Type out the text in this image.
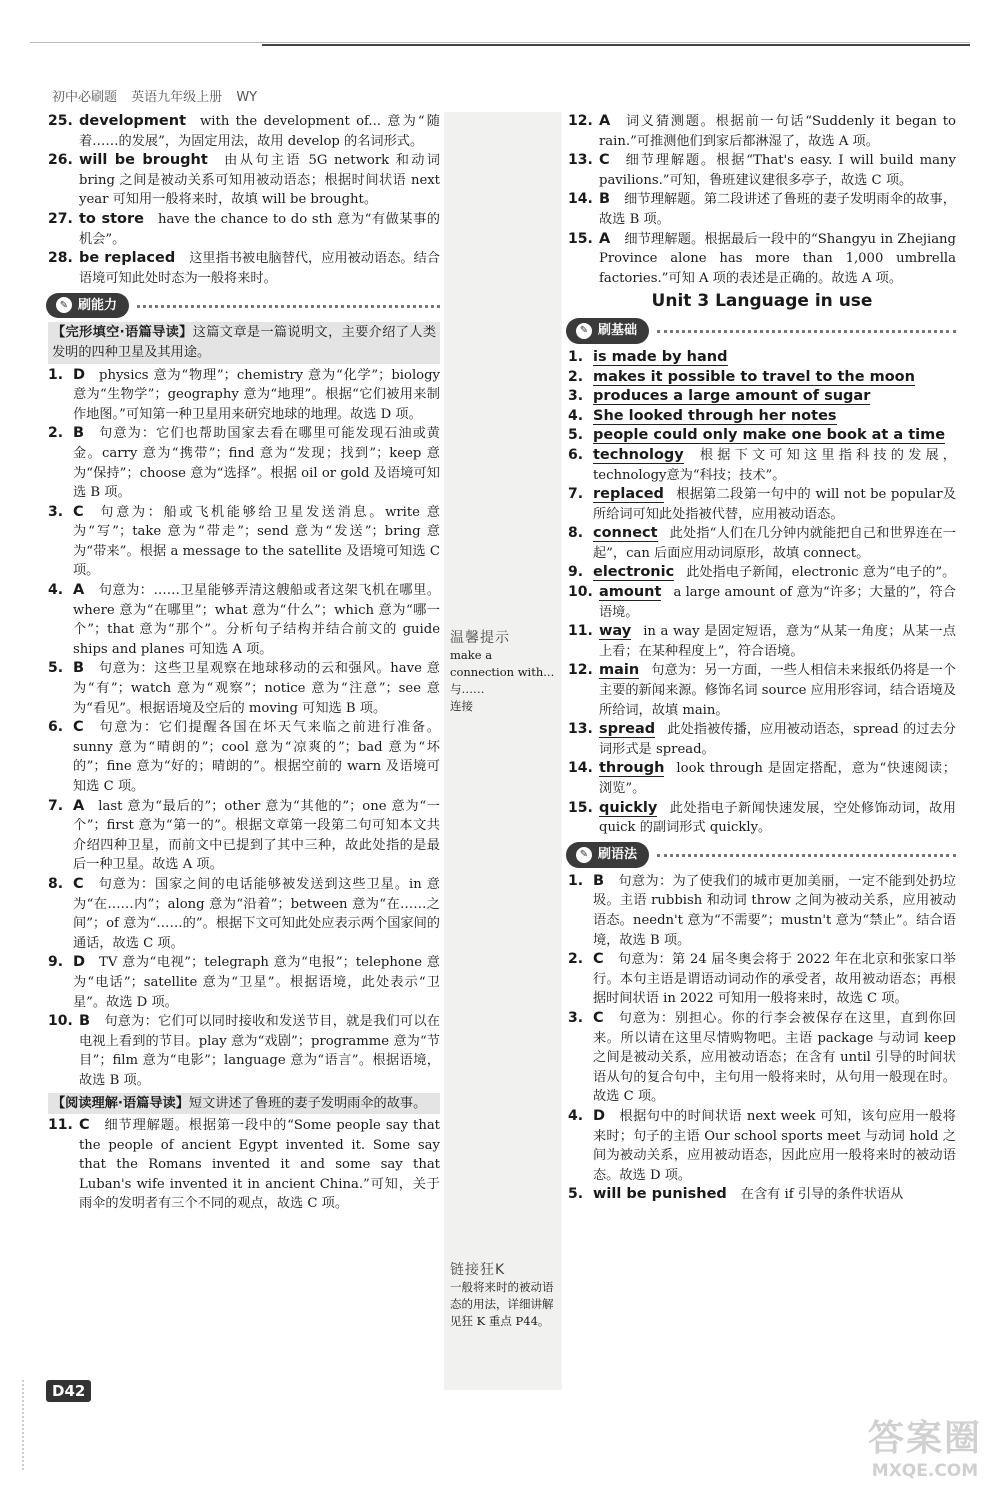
初中必刷题 英语九年级上册 WY
温馨提示
make a connection with... 与……
连接
链接狂K
一般将来时的被动语态的用法，详细讲解见狂 K 重点 P44。
25. development with the development of... 意为“随着……的发展”，为固定用法，故用 develop 的名词形式。
26. will be brought 由从句主语 5G network 和动词 bring 之间是被动关系可知用被动语态；根据时间状语 next year 可知用一般将来时，故填 will be brought。
27. to store have the chance to do sth 意为“有做某事的机会”。
28. be replaced 这里指书被电脑替代，应用被动语态。结合语境可知此处时态为一般将来时。
✎ 刷能力
【完形填空·语篇导读】这篇文章是一篇说明文，主要介绍了人类发明的四种卫星及其用途。
1. D physics 意为“物理”；chemistry 意为“化学”；biology 意为“生物学”；geography 意为“地理”。根据“它们被用来制作地图。”可知第一种卫星用来研究地球的地理。故选 D 项。
2. B 句意为：它们也帮助国家去看在哪里可能发现石油或黄金。carry 意为“携带”；find 意为“发现；找到”；keep 意为“保持”；choose 意为“选择”。根据 oil or gold 及语境可知选 B 项。
3. C 句意为：船或飞机能够给卫星发送消息。write 意为“写”；take 意为“带走”；send 意为“发送”；bring 意为“带来”。根据 a message to the satellite 及语境可知选 C 项。
4. A 句意为：……卫星能够弄清这艘船或者这架飞机在哪里。where 意为“在哪里”；what 意为“什么”；which 意为“哪一个”；that 意为“那个”。分析句子结构并结合前文的 guide ships and planes 可知选 A 项。
5. B 句意为：这些卫星观察在地球移动的云和强风。have 意为“有”；watch 意为“观察”；notice 意为“注意”；see 意为“看见”。根据语境及空后的 moving 可知选 B 项。
6. C 句意为：它们提醒各国在坏天气来临之前进行准备。sunny 意为“晴朗的”；cool 意为“凉爽的”；bad 意为“坏的”；fine 意为“好的；晴朗的”。根据空前的 warn 及语境可知选 C 项。
7. A last 意为“最后的”；other 意为“其他的”；one 意为“一个”；first 意为“第一的”。根据文章第一段第二句可知本文共介绍四种卫星，而前文中已提到了其中三种，故此处指的是最后一种卫星。故选 A 项。
8. C 句意为：国家之间的电话能够被发送到这些卫星。in 意为“在……内”；along 意为“沿着”；between 意为“在……之间”；of 意为“……的”。根据下文可知此处应表示两个国家间的通话，故选 C 项。
9. D TV 意为“电视”；telegraph 意为“电报”；telephone 意为“电话”；satellite 意为“卫星”。根据语境，此处表示“卫星”。故选 D 项。
10. B 句意为：它们可以同时接收和发送节目，就是我们可以在电视上看到的节目。play 意为“戏剧”；programme 意为“节目”；film 意为“电影”；language 意为“语言”。根据语境，故选 B 项。
【阅读理解·语篇导读】短文讲述了鲁班的妻子发明雨伞的故事。
11. C 细节理解题。根据第一段中的“Some people say that the people of ancient Egypt invented it. Some say that the Romans invented it and some say that Luban's wife invented it in ancient China.”可知，关于雨伞的发明者有三个不同的观点，故选 C 项。
12. A 词义猜测题。根据前一句话“Suddenly it began to rain.”可推测他们到家后都淋湿了，故选 A 项。
13. C 细节理解题。根据“That's easy. I will build many pavilions.”可知，鲁班建议建很多亭子，故选 C 项。
14. B 细节理解题。第二段讲述了鲁班的妻子发明雨伞的故事，故选 B 项。
15. A 细节理解题。根据最后一段中的“Shangyu in Zhejiang Province alone has more than 1,000 umbrella factories.”可知 A 项的表述是正确的。故选 A 项。
Unit 3 Language in use
✎ 刷基础
1. is made by hand
2. makes it possible to travel to the moon
3. produces a large amount of sugar
4. She looked through her notes
5. people could only make one book at a time
6. technology 根据下文可知这里指科技的发展，technology意为“科技；技术”。
7. replaced 根据第二段第一句中的 will not be popular及所给词可知此处指被代替，应用被动语态。
8. connect 此处指“人们在几分钟内就能把自己和世界连在一起”，can 后面应用动词原形，故填 connect。
9. electronic 此处指电子新闻，electronic 意为“电子的”。
10. amount a large amount of 意为“许多；大量的”，符合语境。
11. way in a way 是固定短语，意为“从某一角度；从某一点上看；在某种程度上”，符合语境。
12. main 句意为：另一方面，一些人相信未来报纸仍将是一个主要的新闻来源。修饰名词 source 应用形容词，结合语境及所给词，故填 main。
13. spread 此处指被传播，应用被动语态，spread 的过去分词形式是 spread。
14. through look through 是固定搭配，意为“快速阅读；浏览”。
15. quickly 此处指电子新闻快速发展，空处修饰动词，故用 quick 的副词形式 quickly。
✎ 刷语法
1. B 句意为：为了使我们的城市更加美丽，一定不能到处扔垃圾。主语 rubbish 和动词 throw 之间为被动关系，应用被动语态。needn't 意为“不需要”；mustn't 意为“禁止”。结合语境，故选 B 项。
2. C 句意为：第 24 届冬奥会将于 2022 年在北京和张家口举行。本句主语是谓语动词动作的承受者，故用被动语态；再根据时间状语 in 2022 可知用一般将来时，故选 C 项。
3. C 句意为：别担心。你的行李会被保存在这里，直到你回来。所以请在这里尽情购物吧。主语 package 与动词 keep 之间是被动关系，应用被动语态；在含有 until 引导的时间状语从句的复合句中，主句用一般将来时，从句用一般现在时。故选 C 项。
4. D 根据句中的时间状语 next week 可知，该句应用一般将来时；句子的主语 Our school sports meet 与动词 hold 之间为被动关系，应用被动语态，因此应用一般将来时的被动语态。故选 D 项。
5. will be punished 在含有 if 引导的条件状语从
D42
答案圈
MXQE.COM
